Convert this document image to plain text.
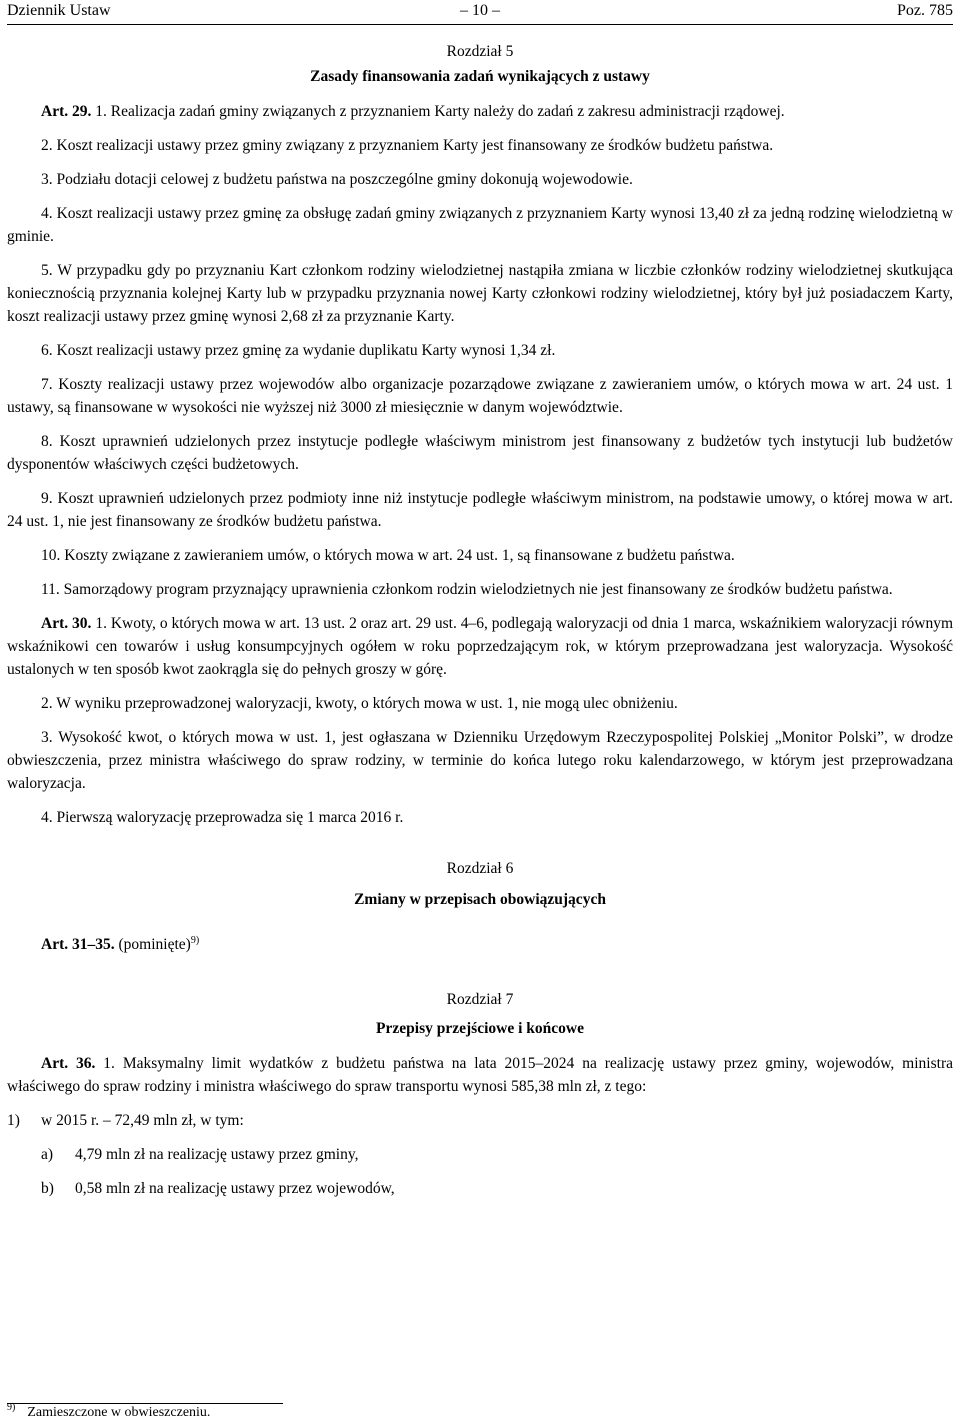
Dziennik Ustaw	– 10 –	Poz. 785
Rozdział 5
Zasady finansowania zadań wynikających z ustawy

Art. 29. 1. Realizacja zadań gminy związanych z przyznaniem Karty należy do zadań z zakresu administracji rządowej.

2. Koszt realizacji ustawy przez gminy związany z przyznaniem Karty jest finansowany ze środków budżetu państwa.

3. Podziału dotacji celowej z budżetu państwa na poszczególne gminy dokonują wojewodowie.

4. Koszt realizacji ustawy przez gminę za obsługę zadań gminy związanych z przyznaniem Karty wynosi 13,40 zł za jedną rodzinę wielodzietną w gminie.

5. W przypadku gdy po przyznaniu Kart członkom rodziny wielodzietnej nastąpiła zmiana w liczbie członków rodziny wielodzietnej skutkująca koniecznością przyznania kolejnej Karty lub w przypadku przyznania nowej Karty członkowi rodziny wielodzietnej, który był już posiadaczem Karty, koszt realizacji ustawy przez gminę wynosi 2,68 zł za przyznanie Karty.

6. Koszt realizacji ustawy przez gminę za wydanie duplikatu Karty wynosi 1,34 zł.

7. Koszty realizacji ustawy przez wojewodów albo organizacje pozarządowe związane z zawieraniem umów, o których mowa w art. 24 ust. 1 ustawy, są finansowane w wysokości nie wyższej niż 3000 zł miesięcznie w danym województwie.

8. Koszt uprawnień udzielonych przez instytucje podległe właściwym ministrom jest finansowany z budżetów tych instytucji lub budżetów dysponentów właściwych części budżetowych.

9. Koszt uprawnień udzielonych przez podmioty inne niż instytucje podległe właściwym ministrom, na podstawie umowy, o której mowa w art. 24 ust. 1, nie jest finansowany ze środków budżetu państwa.

10. Koszty związane z zawieraniem umów, o których mowa w art. 24 ust. 1, są finansowane z budżetu państwa.

11. Samorządowy program przyznający uprawnienia członkom rodzin wielodzietnych nie jest finansowany ze środków budżetu państwa.

Art. 30. 1. Kwoty, o których mowa w art. 13 ust. 2 oraz art. 29 ust. 4–6, podlegają waloryzacji od dnia 1 marca, wskaźnikiem waloryzacji równym wskaźnikowi cen towarów i usług konsumpcyjnych ogółem w roku poprzedzającym rok, w którym przeprowadzana jest waloryzacja. Wysokość ustalonych w ten sposób kwot zaokrągla się do pełnych groszy w górę.

2. W wyniku przeprowadzonej waloryzacji, kwoty, o których mowa w ust. 1, nie mogą ulec obniżeniu.

3. Wysokość kwot, o których mowa w ust. 1, jest ogłaszana w Dzienniku Urzędowym Rzeczypospolitej Polskiej „Monitor Polski”, w drodze obwieszczenia, przez ministra właściwego do spraw rodziny, w terminie do końca lutego roku kalendarzowego, w którym jest przeprowadzana waloryzacja.

4. Pierwszą waloryzację przeprowadza się 1 marca 2016 r.

Rozdział 6
Zmiany w przepisach obowiązujących
Art. 31–35. (pominięte)$^{9)}$
Rozdział 7
Przepisy przejściowe i końcowe

Art. 36. 1. Maksymalny limit wydatków z budżetu państwa na lata 2015–2024 na realizację ustawy przez gminy, wojewodów, ministra właściwego do spraw rodziny i ministra właściwego do spraw transportu wynosi 585,38 mln zł, z tego:

1) w 2015 r. – 72,49 mln zł, w tym:
a) 4,79 mln zł na realizację ustawy przez gminy,
b) 0,58 mln zł na realizację ustawy przez wojewodów,
$^{9)}$ Zamieszczone w obwieszczeniu.
